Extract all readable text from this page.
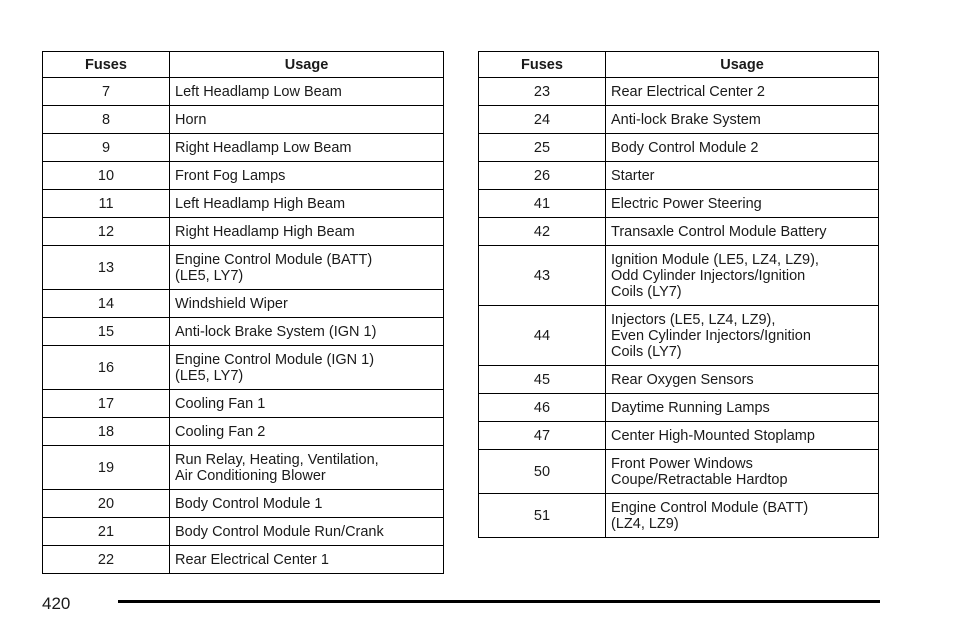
Fuses	Usage
7	Left Headlamp Low Beam
8	Horn
9	Right Headlamp Low Beam
10	Front Fog Lamps
11	Left Headlamp High Beam
12	Right Headlamp High Beam
13	Engine Control Module (BATT)
(LE5, LY7)
14	Windshield Wiper
15	Anti-lock Brake System (IGN 1)
16	Engine Control Module (IGN 1)
(LE5, LY7)
17	Cooling Fan 1
18	Cooling Fan 2
19	Run Relay, Heating, Ventilation,
Air Conditioning Blower
20	Body Control Module 1
21	Body Control Module Run/Crank
22	Rear Electrical Center 1
Fuses	Usage
23	Rear Electrical Center 2
24	Anti-lock Brake System
25	Body Control Module 2
26	Starter
41	Electric Power Steering
42	Transaxle Control Module Battery
43	Ignition Module (LE5, LZ4, LZ9),
Odd Cylinder Injectors/Ignition
Coils (LY7)
44	Injectors (LE5, LZ4, LZ9),
Even Cylinder Injectors/Ignition
Coils (LY7)
45	Rear Oxygen Sensors
46	Daytime Running Lamps
47	Center High-Mounted Stoplamp
50	Front Power Windows
Coupe/Retractable Hardtop
51	Engine Control Module (BATT)
(LZ4, LZ9)
420
